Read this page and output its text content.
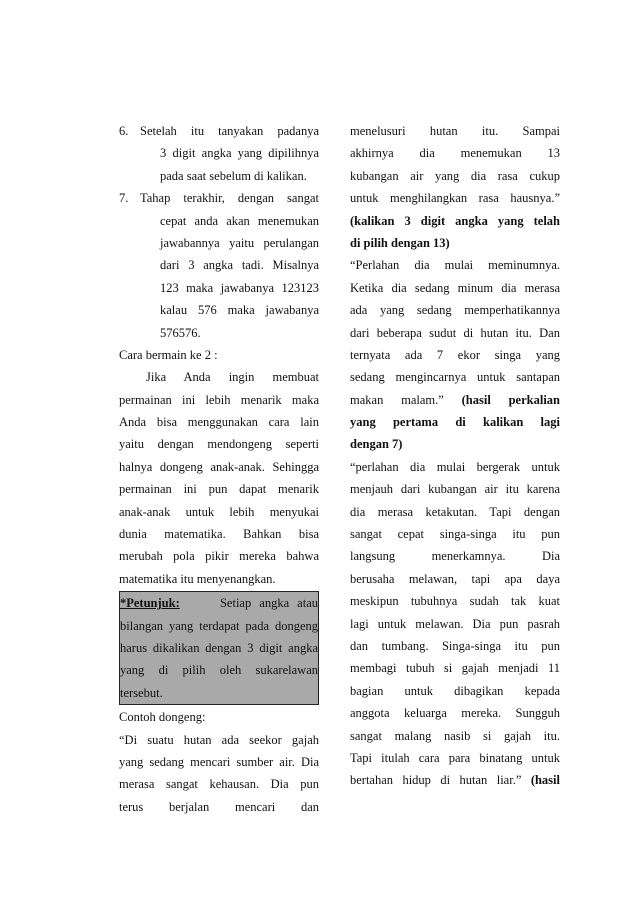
6. Setelah itu tanyakan padanya
3 digit angka yang dipilihnya
pada saat sebelum di kalikan.
7. Tahap terakhir, dengan sangat
cepat anda akan menemukan
jawabannya yaitu perulangan
dari 3 angka tadi. Misalnya
123 maka jawabanya 123123
kalau 576 maka jawabanya
576576.
Cara bermain ke 2 :
Jika Anda ingin membuat
permainan ini lebih menarik maka
Anda bisa menggunakan cara lain
yaitu dengan mendongeng seperti
halnya dongeng anak-anak. Sehingga
permainan ini pun dapat menarik
anak-anak untuk lebih menyukai
dunia matematika. Bahkan bisa
merubah pola pikir mereka bahwa
matematika itu menyenangkan.
*Petunjuk:	Setiap angka atau
bilangan yang terdapat pada dongeng
harus dikalikan dengan 3 digit angka
yang di pilih oleh sukarelawan
tersebut.
Contoh dongeng:
“Di suatu hutan ada seekor gajah
yang sedang mencari sumber air. Dia
merasa sangat kehausan. Dia pun
terus berjalan mencari dan
menelusuri hutan itu. Sampai
akhirnya dia menemukan 13
kubangan air yang dia rasa cukup
untuk menghilangkan rasa hausnya.”
(kalikan 3 digit angka yang telah
di pilih dengan 13)
“Perlahan dia mulai meminumnya.
Ketika dia sedang minum dia merasa
ada yang sedang memperhatikannya
dari beberapa sudut di hutan itu. Dan
ternyata ada 7 ekor singa yang
sedang mengincarnya untuk santapan
makan malam.” (hasil perkalian
yang pertama di kalikan lagi
dengan 7)
“perlahan dia mulai bergerak untuk
menjauh dari kubangan air itu karena
dia merasa ketakutan. Tapi dengan
sangat cepat singa-singa itu pun
langsung menerkamnya. Dia
berusaha melawan, tapi apa daya
meskipun tubuhnya sudah tak kuat
lagi untuk melawan. Dia pun pasrah
dan tumbang. Singa-singa itu pun
membagi tubuh si gajah menjadi 11
bagian untuk dibagikan kepada
anggota keluarga mereka. Sungguh
sangat malang nasib si gajah itu.
Tapi itulah cara para binatang untuk
bertahan hidup di hutan liar.” (hasil
